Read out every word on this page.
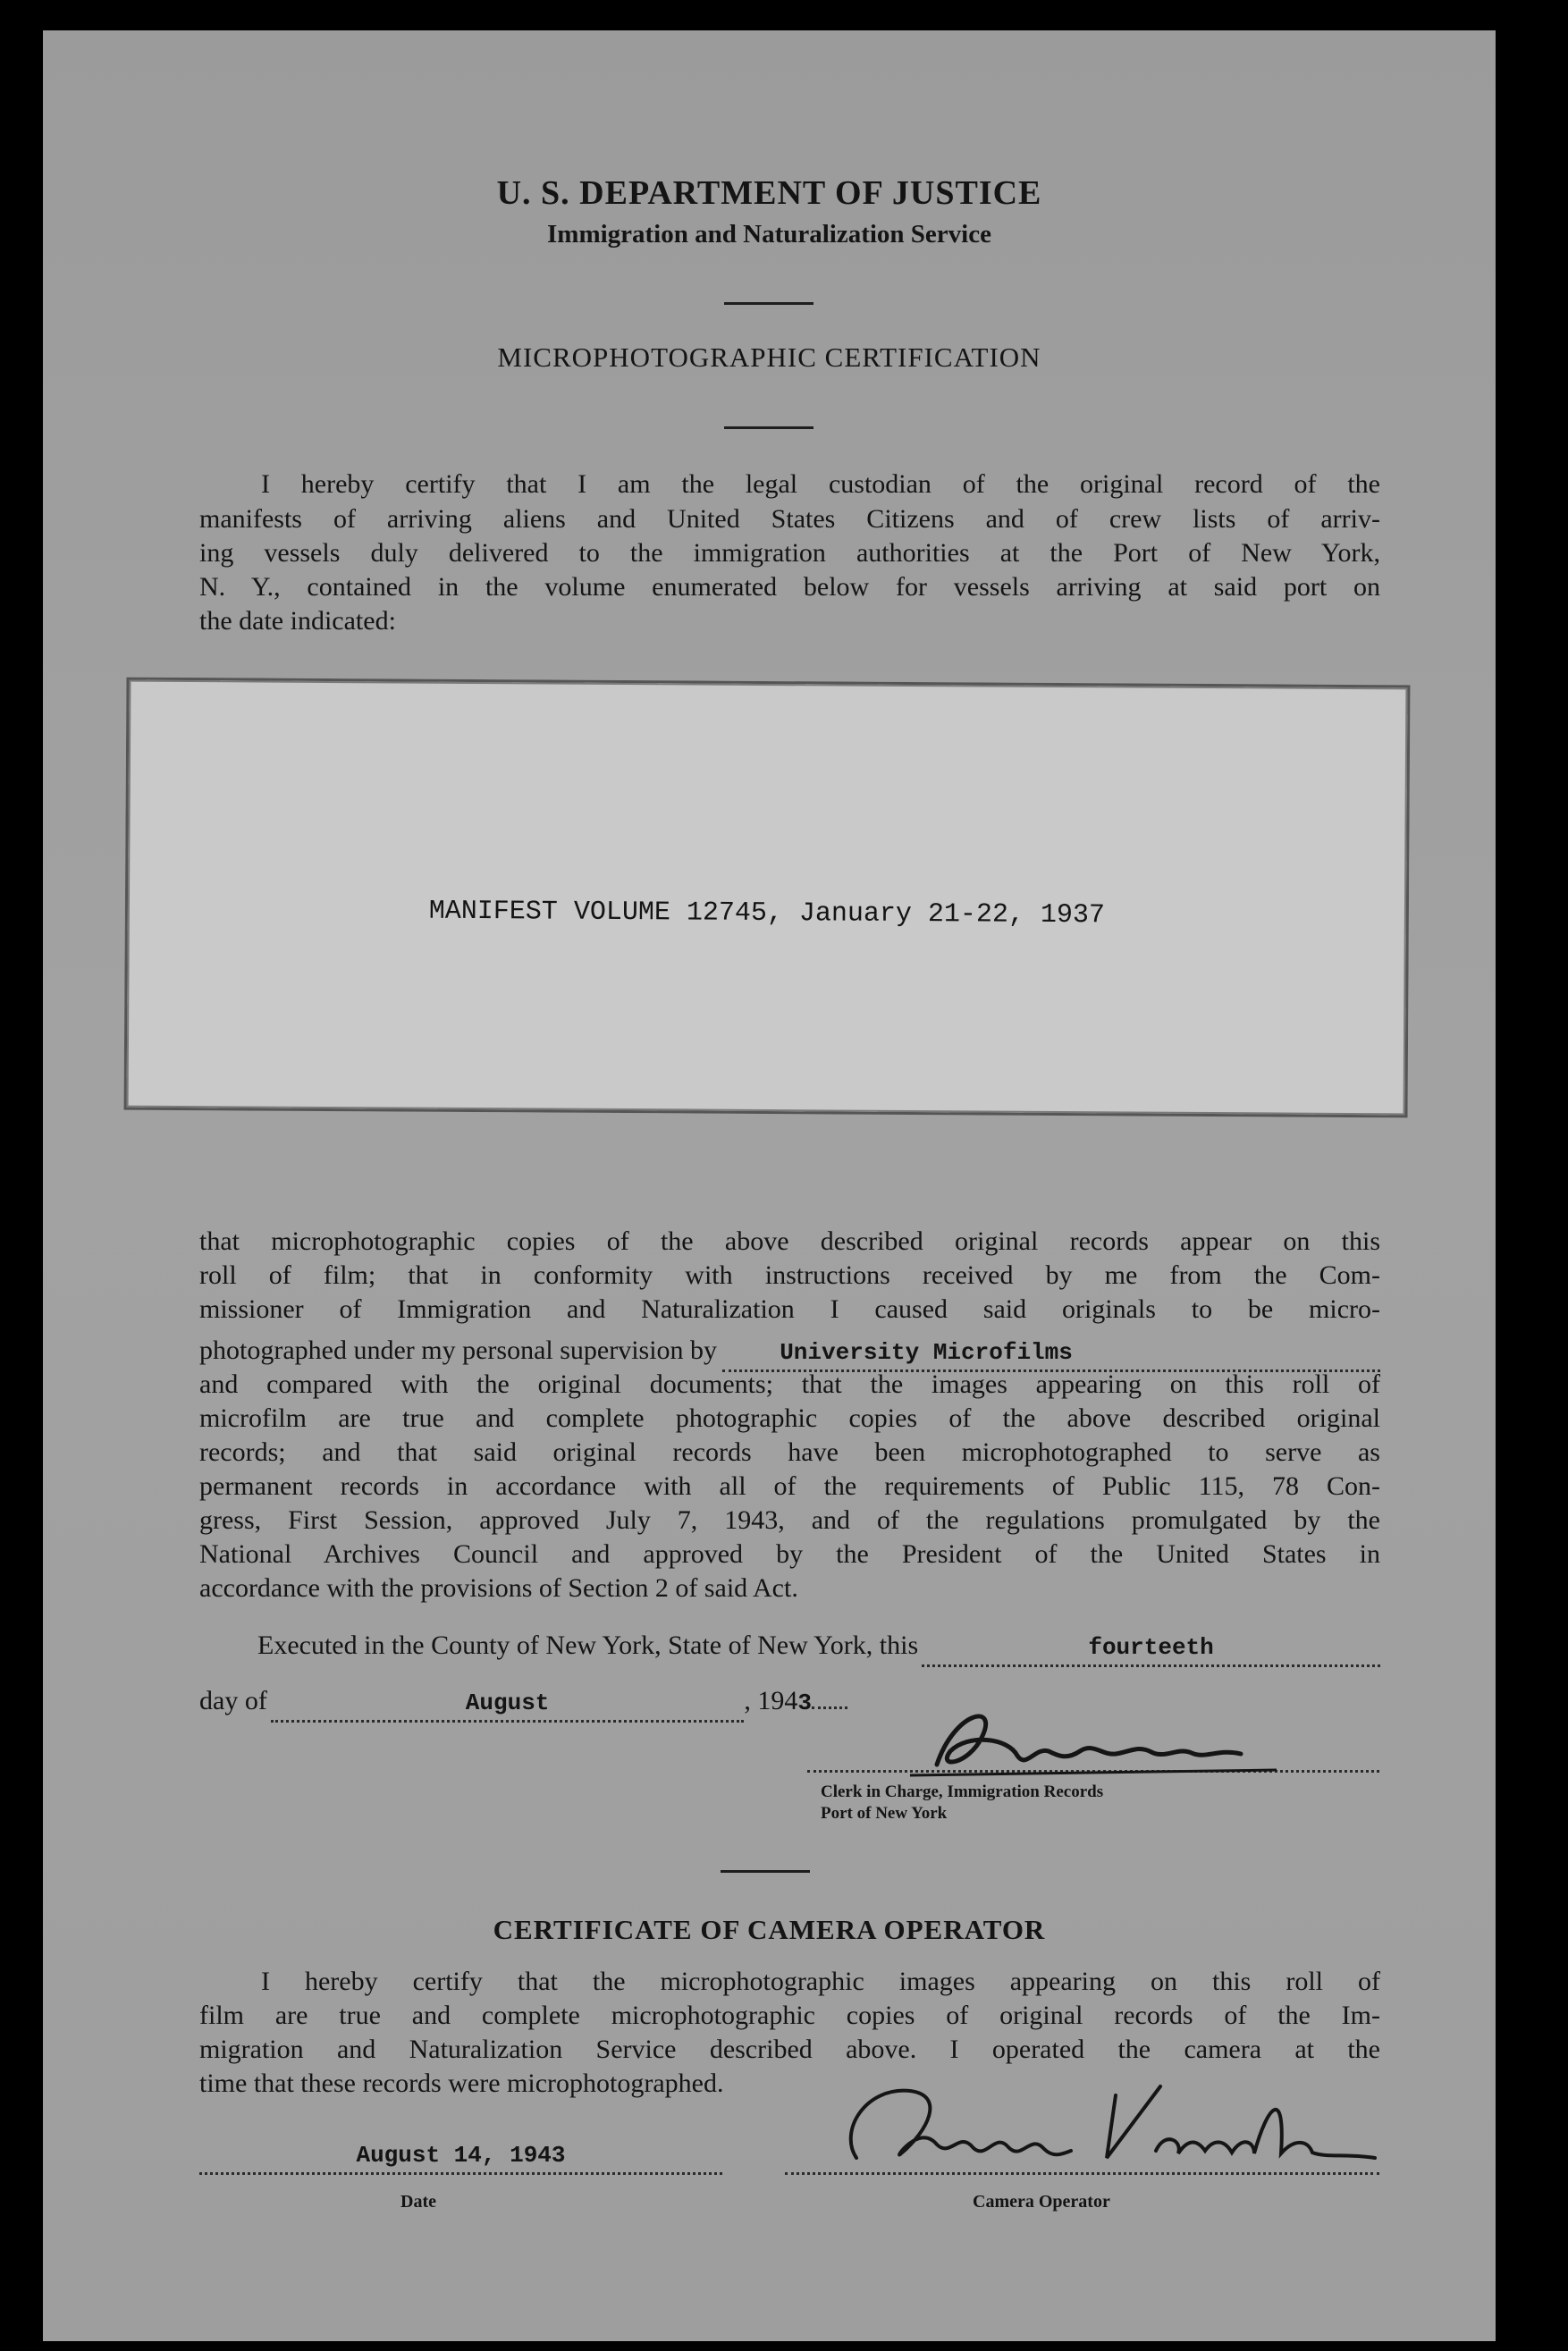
U. S. DEPARTMENT OF JUSTICE
Immigration and Naturalization Service
MICROPHOTOGRAPHIC CERTIFICATION
I hereby certify that I am the legal custodian of the original record of the
manifests of arriving aliens and United States Citizens and of crew lists of arriv-
ing vessels duly delivered to the immigration authorities at the Port of New York,
N. Y., contained in the volume enumerated below for vessels arriving at said port on
the date indicated:
MANIFEST VOLUME 12745, January 21-22, 1937
that microphotographic copies of the above described original records appear on this
roll of film; that in conformity with instructions received by me from the Com-
missioner of Immigration and Naturalization I caused said originals to be micro-
photographed under my personal supervision by	University Microfilms
and compared with the original documents; that the images appearing on this roll of
microfilm are true and complete photographic copies of the above described original
records; and that said original records have been microphotographed to serve as
permanent records in accordance with all of the requirements of Public 115, 78 Con-
gress, First Session, approved July 7, 1943, and of the regulations promulgated by the
National Archives Council and approved by the President of the United States in
accordance with the provisions of Section 2 of said Act.
Executed in the County of New York, State of New York, this	fourteeth
day of	August	, 194 3
Clerk in Charge, Immigration Records
Port of New York
CERTIFICATE OF CAMERA OPERATOR
I hereby certify that the microphotographic images appearing on this roll of
film are true and complete microphotographic copies of original records of the Im-
migration and Naturalization Service described above. I operated the camera at the
time that these records were microphotographed.
August 14, 1943
Date	Camera Operator
